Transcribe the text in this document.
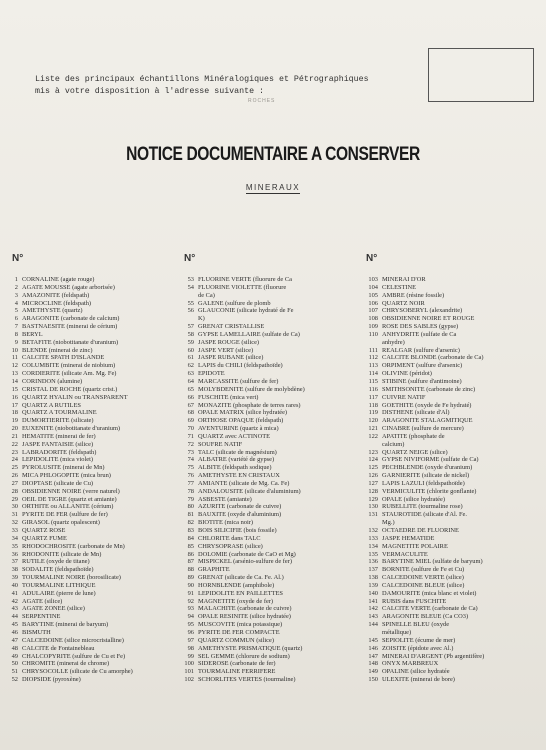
Liste des principaux échantillons Minéralogiques et Pétrographiques
mis à votre disposition à l'adresse suivante :
ROCHES
NOTICE DOCUMENTAIRE A CONSERVER
MINERAUX
N°	N°	N°
1 CORNALINE (agate rouge)
2 AGATE MOUSSE (agate arborisée)
3 AMAZONITE (feldspath)
4 MICROCLINE (feldspath)
5 AMETHYSTE (quartz)
6 ARAGONITE (carbonate de calcium)
7 BASTNAESITE (minerai de cérium)
8 BERYL
9 BETAFITE (niobotitanate d'uranium)
10 BLENDE (minerai de zinc)
11 CALCITE SPATH D'ISLANDE
12 COLUMBITE (minerai de niobium)
13 CORDIERITE (silicate Am. Mg. Fe)
14 CORINDON (alumine)
15 CRISTAL DE ROCHE (quartz crist.)
16 QUARTZ HYALIN ou TRANSPARENT
17 QUARTZ A RUTILES
18 QUARTZ A TOURMALINE
19 DUMORTIERITE (silicate)
20 EUXENITE (niobotitanate d'uranium)
21 HEMATITE (minerai de fer)
22 JASPE FANTAISIE (silice)
23 LABRADORITE (feldspath)
24 LEPIDOLITE (mica violet)
25 PYROLUSITE (minerai de Mn)
26 MICA PHLOGOPITE (mica brun)
27 DIOPTASE (silicate de Cu)
28 OBSIDIENNE NOIRE (verre naturel)
29 OEIL DE TIGRE (quartz et amiante)
30 ORTHITE ou ALLANITE (cérium)
31 PYRITE DE FER (sulfure de fer)
32 GIRASOL (quartz opalescent)
33 QUARTZ ROSE
34 QUARTZ FUME
35 RHODOCHROSITE (carbonate de Mn)
36 RHODONITE (silicate de Mn)
37 RUTILE (oxyde de titane)
38 SODALITE (feldspathoïde)
39 TOURMALINE NOIRE (borosilicate)
40 TOURMALINE LITHIQUE
41 ADULAIRE (pierre de lune)
42 AGATE (silice)
43 AGATE ZONEE (silice)
44 SERPENTINE
45 BARYTINE (minerai de baryum)
46 BISMUTH
47 CALCEDOINE (silice microcristalline)
48 CALCITE de Fontainebleau
49 CHALCOPYRITE (sulfure de Cu et Fe)
50 CHROMITE (minerai de chrome)
51 CHRYSOCOLLE (silicate de Cu amorphe)
52 DIOPSIDE (pyroxène)
53 FLUORINE VERTE (fluorure de Ca
54 FLUORINE VIOLETTE (fluorure
de Ca)
55 GALENE (sulfure de plomb
56 GLAUCONIE (silicate hydraté de Fe
K)
57 GRENAT CRISTALLISE
58 GYPSE LAMELLAIRE (sulfate de Ca)
59 JASPE ROUGE (silice)
60 JASPE VERT (silice)
61 JASPE RUBANE (silice)
62 LAPIS du CHILI (feldspathoïde)
63 EPIDOTE
64 MARCASSITE (sulfure de fer)
65 MOLYBDENITE (sulfure de molybdène)
66 FUSCHITE (mica vert)
67 MONAZITE (phosphate de terres rares)
68 OPALE MATRIX (silice hydratée)
69 ORTHOSE OPAQUE (feldspath)
70 AVENTURINE (quartz à mica)
71 QUARTZ avec ACTINOTE
72 SOUFRE NATIF
73 TALC (silicate de magnésium)
74 ALBATRE (variété de gypse)
75 ALBITE (feldspath sodique)
76 AMETHYSTE EN CRISTAUX
77 AMIANTE (silicate de Mg. Ca. Fe)
78 ANDALOUSITE (silicate d'aluminium)
79 ASBESTE (amiante)
80 AZURITE (carbonate de cuivre)
81 BAUXITE (oxyde d'aluminium)
82 BIOTITE (mica noir)
83 BOIS SILICIFIE (bois fossile)
84 CHLORITE dans TALC
85 CHRYSOPRASE (silice)
86 DOLOMIE (carbonate de CaO et Mg)
87 MISPICKEL (arsénio-sulfure de fer)
88 GRAPHITE
89 GRENAT (silicate de Ca. Fe. Al.)
90 HORNBLENDE (amphibole)
91 LEPIDOLITE EN PAILLETTES
92 MAGNETITE (oxyde de fer)
93 MALACHITE (carbonate de cuivre)
94 OPALE RESINITE (silice hydratée)
95 MUSCOVITE (mica potassique)
96 PYRITE DE FER COMPACTE
97 QUARTZ COMMUN (silice)
98 AMETHYSTE PRISMATIQUE (quartz)
99 SEL GEMME (chlorure de sodium)
100 SIDEROSE (carbonate de fer)
101 TOURMALINE FERRIFERE
102 SCHORLITES VERTES (tourmaline)
103 MINERAI D'OR
104 CELESTINE
105 AMBRE (résine fossile)
106 QUARTZ NOIR
107 CHRYSOBERYL (alexandrite)
108 OBSIDIENNE NOIRE ET ROUGE
109 ROSE DES SABLES (gypse)
110 ANHYDRITE (sulfate de Ca
anhydre)
111 REALGAR (sulfure d'arsenic)
112 CALCITE BLONDE (carbonate de Ca)
113 ORPIMENT (sulfure d'arsenic)
114 OLIVINE (péridot)
115 STIBINE (sulfure d'antimoine)
116 SMITHSONITE (carbonate de zinc)
117 CUIVRE NATIF
118 GOETHITE (oxyde de Fe hydraté)
119 DISTHENE (silicate d'Al)
120 ARAGONITE STALAGMITIQUE
121 CINABRE (sulfure de mercure)
122 APATITE (phosphate de
calcium)
123 QUARTZ NEIGE (silice)
124 GYPSE NIVIFORME (sulfate de Ca)
125 PECHBLENDE (oxyde d'uranium)
126 GARNIERITE (silicate de nickel)
127 LAPIS LAZULI (feldspathoïde)
128 VERMICULITE (chlorite gonflante)
129 OPALE (silice hydratée)
130 RUBELLITE (tourmaline rose)
131 STAUROTIDE (silicate d'Al. Fe.
Mg.)
132 OCTAEDRE DE FLUORINE
133 JASPE HEMATIDE
134 MAGNETITE POLAIRE
135 VERMACULITE
136 BARYTINE MIEL (sulfate de baryum)
137 BORNITE (sulfure de Fe et Cu)
138 CALCEDOINE VERTE (silice)
139 CALCEDOINE BLEUE (silice)
140 DAMOURITE (mica blanc et violet)
141 RUBIS dans FUSCHITE
142 CALCITE VERTE (carbonate de Ca)
143 ARAGONITE BLEUE (Ca CO3)
144 SPINELLE BLEU (oxyde
métallique)
145 SEPIOLITE (écume de mer)
146 ZOISITE (épidote avec Al.)
147 MINERAI D'ARGENT (Pb argentifère)
148 ONYX MARBREUX
149 OPALINE (silice hydratée
150 ULEXITE (minerai de bore)
